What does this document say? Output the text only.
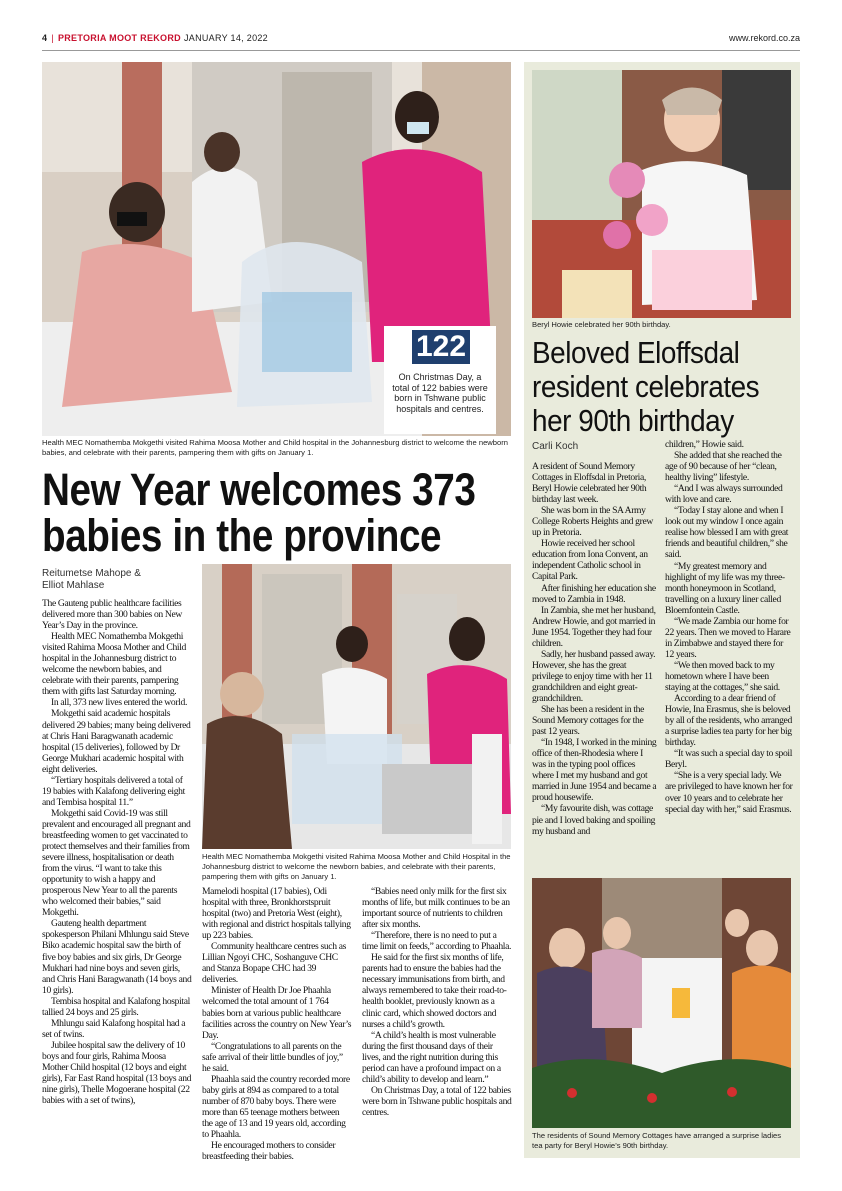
4 | PRETORIA MOOT REKORD JANUARY 14, 2022	www.rekord.co.za
122
On Christmas Day, a total of 122 babies were born in Tshwane public hospitals and centres.
Health MEC Nomathemba Mokgethi visited Rahima Moosa Mother and Child hospital in the Johannesburg district to welcome the newborn babies, and celebrate with their parents, pampering them with gifts on January 1.
New Year welcomes 373
babies in the province
Reitumetse Mahope &
Elliot Mahlase

The Gauteng public healthcare facilities delivered more than 300 babies on New Year’s Day in the province.

Health MEC Nomathemba Mokgethi visited Rahima Moosa Mother and Child hospital in the Johannesburg district to welcome the newborn babies, and celebrate with their parents, pampering them with gifts last Saturday morning.

In all, 373 new lives entered the world.

Mokgethi said academic hospitals delivered 29 babies; many being delivered at Chris Hani Baragwanath academic hospital (15 deliveries), followed by Dr George Mukhari academic hospital with eight deliveries.

“Tertiary hospitals delivered a total of 19 babies with Kalafong delivering eight and Tembisa hospital 11.”

Mokgethi said Covid-19 was still prevalent and encouraged all pregnant and breastfeeding women to get vaccinated to protect themselves and their families from severe illness, hospitalisation or death from the virus. “I want to take this opportunity to wish a happy and prosperous New Year to all the parents who welcomed their babies,” said Mokgethi.

Gauteng health department spokesperson Philani Mhlungu said Steve Biko academic hospital saw the birth of five boy babies and six girls, Dr George Mukhari had nine boys and seven girls, and Chris Hani Baragwanath (14 boys and 10 girls).

Tembisa hospital and Kalafong hospital tallied 24 boys and 25 girls.

Mhlungu said Kalafong hospital had a set of twins.

Jubilee hospital saw the delivery of 10 boys and four girls, Rahima Moosa Mother Child hospital (12 boys and eight girls), Far East Rand hospital (13 boys and nine girls), Thelle Mogoerane hospital (22 babies with a set of twins),

Health MEC Nomathemba Mokgethi visited Rahima Moosa Mother and Child Hospital in the Johannesburg district to welcome the newborn babies, and celebrate with their parents, pampering them with gifts on January 1.

Mamelodi hospital (17 babies), Odi hospital with three, Bronkhorstspruit hospital (two) and Pretoria West (eight), with regional and district hospitals tallying up 223 babies.

Community healthcare centres such as Lillian Ngoyi CHC, Soshanguve CHC and Stanza Bopape CHC had 39 deliveries.

Minister of Health Dr Joe Phaahla welcomed the total amount of 1 764 babies born at various public healthcare facilities across the country on New Year’s Day.

“Congratulations to all parents on the safe arrival of their little bundles of joy,” he said.

Phaahla said the country recorded more baby girls at 894 as compared to a total number of 870 baby boys. There were more than 65 teenage mothers between the age of 13 and 19 years old, according to Phaahla.

He encouraged mothers to consider breastfeeding their babies.

“Babies need only milk for the first six months of life, but milk continues to be an important source of nutrients to children after six months.

“Therefore, there is no need to put a time limit on feeds,” according to Phaahla.

He said for the first six months of life, parents had to ensure the babies had the necessary immunisations from birth, and always remembered to take their road-to-health booklet, previously known as a clinic card, which showed doctors and nurses a child’s growth.

“A child’s health is most vulnerable during the first thousand days of their lives, and the right nutrition during this period can have a profound impact on a child’s ability to develop and learn.”

On Christmas Day, a total of 122 babies were born in Tshwane public hospitals and centres.

Beryl Howie celebrated her 90th birthday.
Beloved Eloffsdal
resident celebrates
her 90th birthday
Carli Koch

A resident of Sound Memory Cottages in Eloffsdal in Pretoria, Beryl Howie celebrated her 90th birthday last week.

She was born in the SA Army College Roberts Heights and grew up in Pretoria.

Howie received her school education from Iona Convent, an independent Catholic school in Capital Park.

After finishing her education she moved to Zambia in 1948.

In Zambia, she met her husband, Andrew Howie, and got married in June 1954. Together they had four children.

Sadly, her husband passed away. However, she has the great privilege to enjoy time with her 11 grandchildren and eight great-grandchildren.

She has been a resident in the Sound Memory cottages for the past 12 years.

“In 1948, I worked in the mining office of then-Rhodesia where I was in the typing pool offices where I met my husband and got married in June 1954 and became a proud housewife.

“My favourite dish, was cottage pie and I loved baking and spoiling my husband and

children,” Howie said.

She added that she reached the age of 90 because of her “clean, healthy living” lifestyle.

“And I was always surrounded with love and care.

“Today I stay alone and when I look out my window I once again realise how blessed I am with great friends and beautiful children,” she said.

“My greatest memory and highlight of my life was my three-month honeymoon in Scotland, travelling on a luxury liner called Bloemfontein Castle.

“We made Zambia our home for 22 years. Then we moved to Harare in Zimbabwe and stayed there for 12 years.

“We then moved back to my hometown where I have been staying at the cottages,” she said.

According to a dear friend of Howie, Ina Erasmus, she is beloved by all of the residents, who arranged a surprise ladies tea party for her big birthday.

“It was such a special day to spoil Beryl.

“She is a very special lady. We are privileged to have known her for over 10 years and to celebrate her special day with her,” said Erasmus.

The residents of Sound Memory Cottages have arranged a surprise ladies tea party for Beryl Howie’s 90th birthday.
